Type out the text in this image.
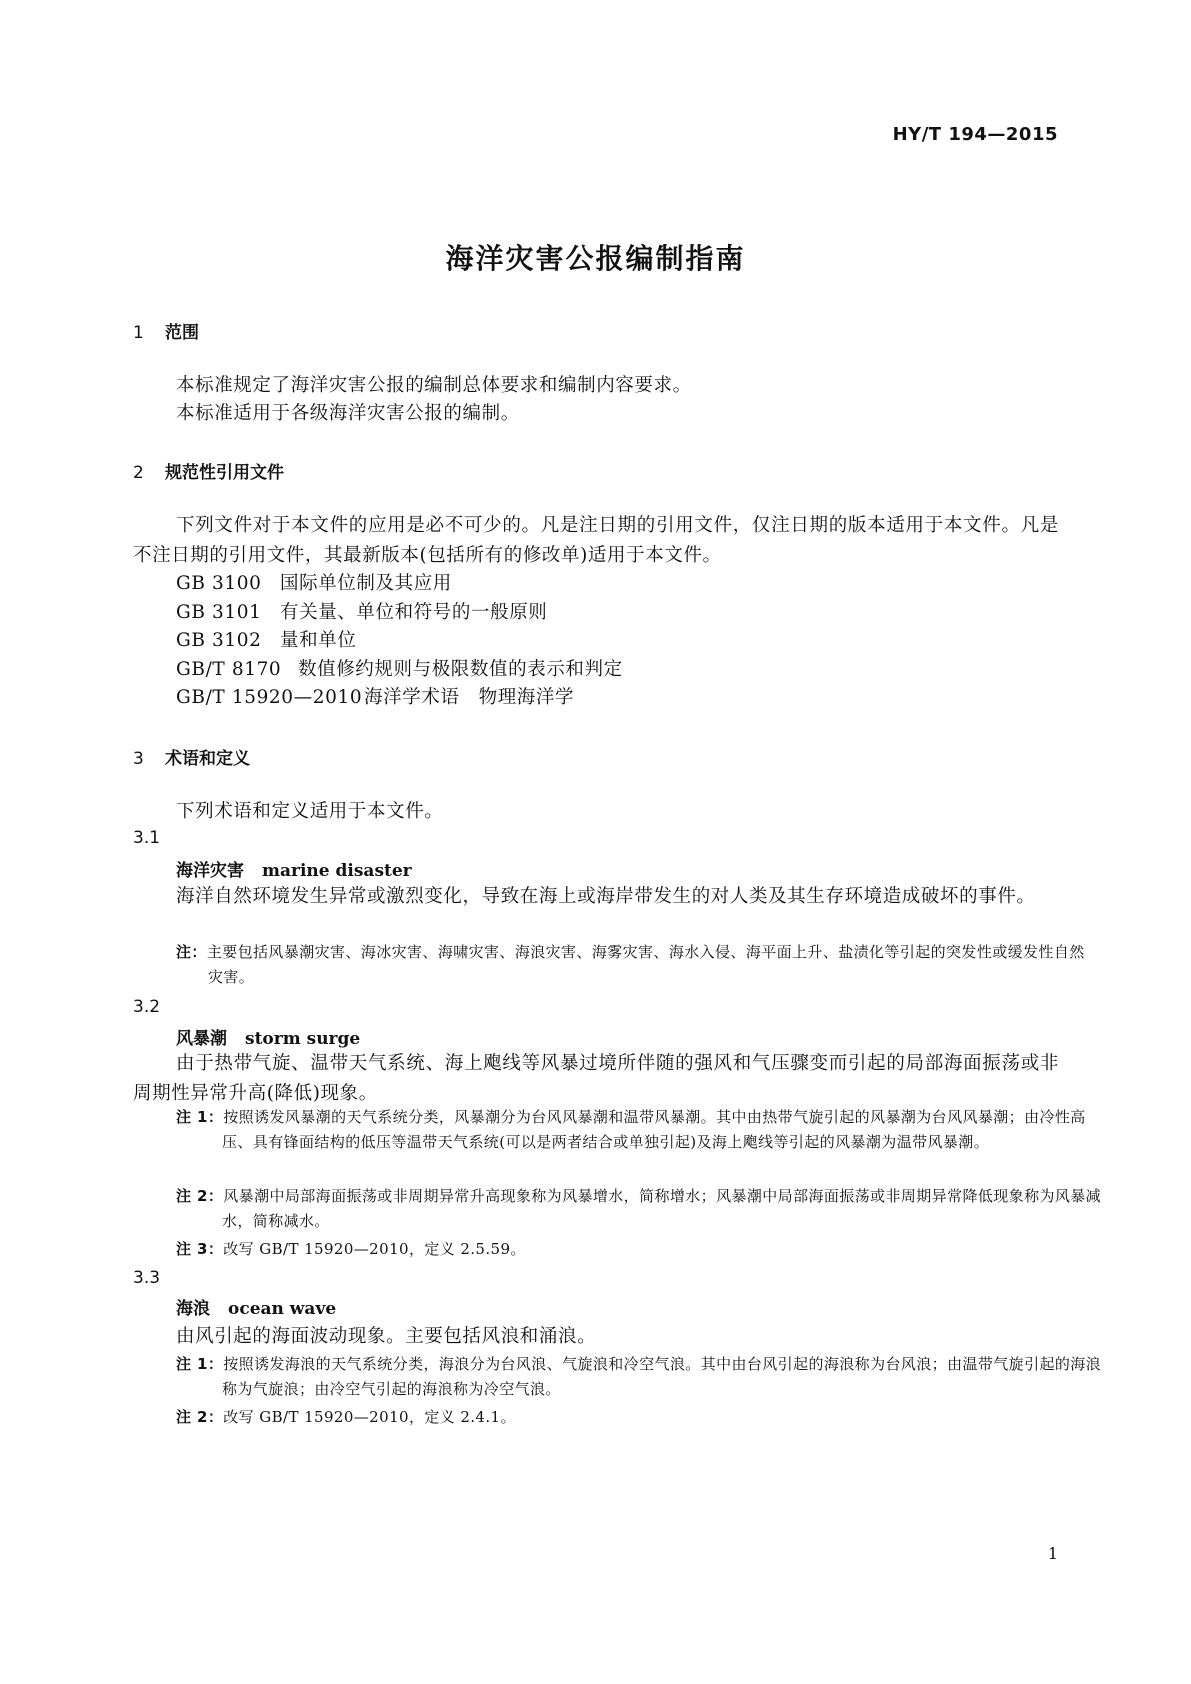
HY/T 194—2015
海洋灾害公报编制指南
1 范围
本标准规定了海洋灾害公报的编制总体要求和编制内容要求。
本标准适用于各级海洋灾害公报的编制。
2 规范性引用文件
下列文件对于本文件的应用是必不可少的。凡是注日期的引用文件，仅注日期的版本适用于本文件。凡是不注日期的引用文件，其最新版本(包括所有的修改单)适用于本文件。
GB 3100 国际单位制及其应用
GB 3101 有关量、单位和符号的一般原则
GB 3102 量和单位
GB/T 8170 数值修约规则与极限数值的表示和判定
GB/T 15920—2010海洋学术语　物理海洋学
3 术语和定义
下列术语和定义适用于本文件。
3.1
海洋灾害 marine disaster
海洋自然环境发生异常或激烈变化，导致在海上或海岸带发生的对人类及其生存环境造成破坏的事件。
注：主要包括风暴潮灾害、海冰灾害、海啸灾害、海浪灾害、海雾灾害、海水入侵、海平面上升、盐渍化等引起的突发性或缓发性自然灾害。
3.2
风暴潮 storm surge
由于热带气旋、温带天气系统、海上飑线等风暴过境所伴随的强风和气压骤变而引起的局部海面振荡或非周期性异常升高(降低)现象。
注 1：按照诱发风暴潮的天气系统分类，风暴潮分为台风风暴潮和温带风暴潮。其中由热带气旋引起的风暴潮为台风风暴潮；由冷性高压、具有锋面结构的低压等温带天气系统(可以是两者结合或单独引起)及海上飑线等引起的风暴潮为温带风暴潮。
注 2：风暴潮中局部海面振荡或非周期异常升高现象称为风暴增水，简称增水；风暴潮中局部海面振荡或非周期异常降低现象称为风暴减水，简称减水。
注 3：改写 GB/T 15920—2010，定义 2.5.59。
3.3
海浪 ocean wave
由风引起的海面波动现象。主要包括风浪和涌浪。
注 1：按照诱发海浪的天气系统分类，海浪分为台风浪、气旋浪和冷空气浪。其中由台风引起的海浪称为台风浪；由温带气旋引起的海浪称为气旋浪；由冷空气引起的海浪称为冷空气浪。
注 2：改写 GB/T 15920—2010，定义 2.4.1。
1
